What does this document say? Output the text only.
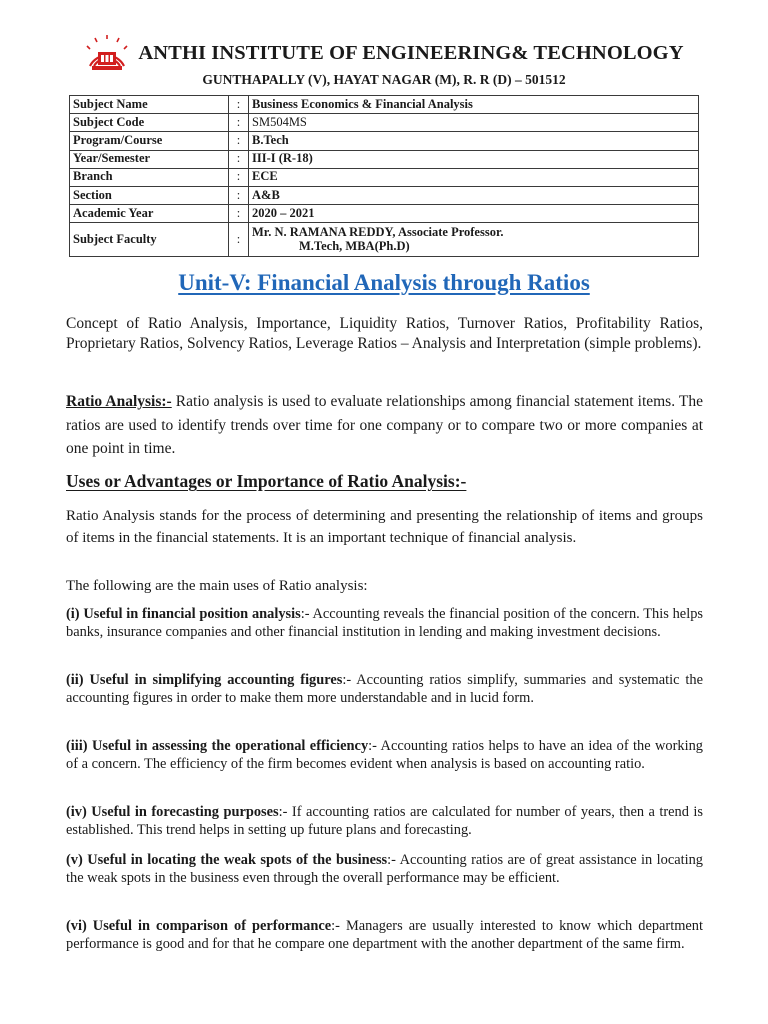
ANTHI INSTITUTE OF ENGINEERING& TECHNOLOGY
GUNTHAPALLY (V), HAYAT NAGAR (M), R. R (D) – 501512
Subject Name	:	Business Economics & Financial Analysis
Subject Code	:	SM504MS
Program/Course	:	B.Tech
Year/Semester	:	III-I (R-18)
Branch	:	ECE
Section	:	A&B
Academic Year	:	2020 – 2021
Subject Faculty	:	Mr. N. RAMANA REDDY, Associate Professor.
M.Tech, MBA(Ph.D)
Unit-V: Financial Analysis through Ratios
Concept of Ratio Analysis, Importance, Liquidity Ratios, Turnover Ratios, Profitability Ratios, Proprietary Ratios, Solvency Ratios, Leverage Ratios – Analysis and Interpretation (simple problems).
Ratio Analysis:- Ratio analysis is used to evaluate relationships among financial statement items. The ratios are used to identify trends over time for one company or to compare two or more companies at one point in time.
Uses or Advantages or Importance of Ratio Analysis:-
Ratio Analysis stands for the process of determining and presenting the relationship of items and groups of items in the financial statements. It is an important technique of financial analysis.
The following are the main uses of Ratio analysis:
(i) Useful in financial position analysis:- Accounting reveals the financial position of the concern. This helps banks, insurance companies and other financial institution in lending and making investment decisions.
(ii) Useful in simplifying accounting figures:- Accounting ratios simplify, summaries and systematic the accounting figures in order to make them more understandable and in lucid form.
(iii) Useful in assessing the operational efficiency:- Accounting ratios helps to have an idea of the working of a concern. The efficiency of the firm becomes evident when analysis is based on accounting ratio.
(iv) Useful in forecasting purposes:- If accounting ratios are calculated for number of years, then a trend is established. This trend helps in setting up future plans and forecasting.
(v) Useful in locating the weak spots of the business:- Accounting ratios are of great assistance in locating the weak spots in the business even through the overall performance may be efficient.
(vi) Useful in comparison of performance:- Managers are usually interested to know which department performance is good and for that he compare one department with the another department of the same firm.
